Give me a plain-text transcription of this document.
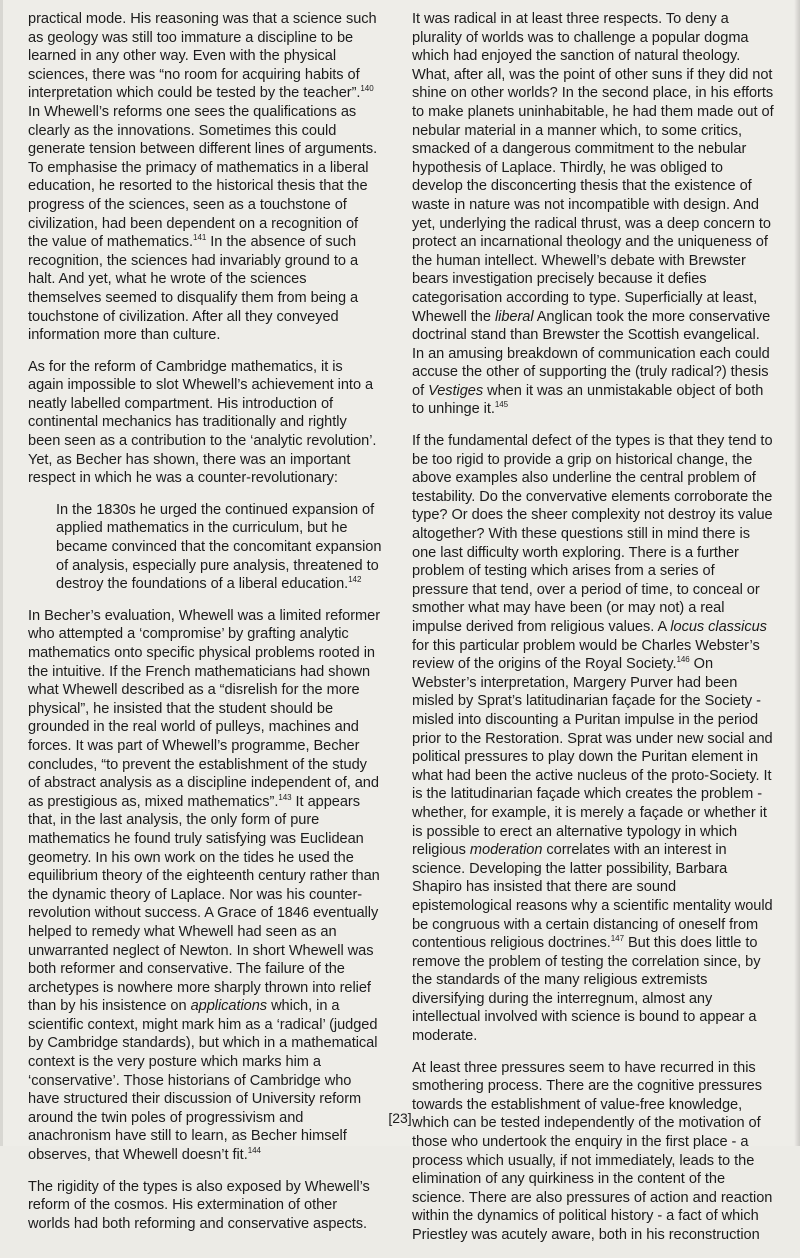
practical mode. His reasoning was that a science such as geology was still too immature a discipline to be learned in any other way. Even with the physical sciences, there was “no room for acquiring habits of interpretation which could be tested by the teacher”.$^{140}$ In Whewell’s reforms one sees the qualifications as clearly as the innovations. Sometimes this could generate tension between different lines of arguments. To emphasise the primacy of mathematics in a liberal education, he resorted to the historical thesis that the progress of the sciences, seen as a touchstone of civilization, had been dependent on a recognition of the value of mathematics.$^{141}$ In the absence of such recognition, the sciences had invariably ground to a halt. And yet, what he wrote of the sciences themselves seemed to disqualify them from being a touchstone of civilization. After all they conveyed information more than culture.

As for the reform of Cambridge mathematics, it is again impossible to slot Whewell’s achievement into a neatly labelled compartment. His introduction of continental mechanics has traditionally and rightly been seen as a contribution to the ‘analytic revolution’. Yet, as Becher has shown, there was an important respect in which he was a counter-revolutionary:

In the 1830s he urged the continued expansion of applied mathematics in the curriculum, but he became convinced that the concomitant expansion of analysis, especially pure analysis, threatened to destroy the foundations of a liberal education.$^{142}$

In Becher’s evaluation, Whewell was a limited reformer who attempted a ‘compromise’ by grafting analytic mathematics onto specific physical problems rooted in the intuitive. If the French mathematicians had shown what Whewell described as a “disrelish for the more physical”, he insisted that the student should be grounded in the real world of pulleys, machines and forces. It was part of Whewell’s programme, Becher concludes, “to prevent the establishment of the study of abstract analysis as a discipline independent of, and as prestigious as, mixed mathematics”.$^{143}$ It appears that, in the last analysis, the only form of pure mathematics he found truly satisfying was Euclidean geometry. In his own work on the tides he used the equilibrium theory of the eighteenth century rather than the dynamic theory of Laplace. Nor was his counter-revolution without success. A Grace of 1846 eventually helped to remedy what Whewell had seen as an unwarranted neglect of Newton. In short Whewell was both reformer and conservative. The failure of the archetypes is nowhere more sharply thrown into relief than by his insistence on applications which, in a scientific context, might mark him as a ‘radical’ (judged by Cambridge standards), but which in a mathematical context is the very posture which marks him a ‘conservative’. Those historians of Cambridge who have structured their discussion of University reform around the twin poles of progressivism and anachronism have still to learn, as Becher himself observes, that Whewell doesn’t fit.$^{144}$

The rigidity of the types is also exposed by Whewell’s reform of the cosmos. His extermination of other worlds had both reforming and conservative aspects.

It was radical in at least three respects. To deny a plurality of worlds was to challenge a popular dogma which had enjoyed the sanction of natural theology. What, after all, was the point of other suns if they did not shine on other worlds? In the second place, in his efforts to make planets uninhabitable, he had them made out of nebular material in a manner which, to some critics, smacked of a dangerous commitment to the nebular hypothesis of Laplace. Thirdly, he was obliged to develop the disconcerting thesis that the existence of waste in nature was not incompatible with design. And yet, underlying the radical thrust, was a deep concern to protect an incarnational theology and the uniqueness of the human intellect. Whewell’s debate with Brewster bears investigation precisely because it defies categorisation according to type. Superficially at least, Whewell the liberal Anglican took the more conservative doctrinal stand than Brewster the Scottish evangelical. In an amusing breakdown of communication each could accuse the other of supporting the (truly radical?) thesis of Vestiges when it was an unmistakable object of both to unhinge it.$^{145}$

If the fundamental defect of the types is that they tend to be too rigid to provide a grip on historical change, the above examples also underline the central problem of testability. Do the convervative elements corroborate the type? Or does the sheer complexity not destroy its value altogether? With these questions still in mind there is one last difficulty worth exploring. There is a further problem of testing which arises from a series of pressure that tend, over a period of time, to conceal or smother what may have been (or may not) a real impulse derived from religious values. A locus classicus for this particular problem would be Charles Webster’s review of the origins of the Royal Society.$^{146}$ On Webster’s interpretation, Margery Purver had been misled by Sprat’s latitudinarian façade for the Society - misled into discounting a Puritan impulse in the period prior to the Restoration. Sprat was under new social and political pressures to play down the Puritan element in what had been the active nucleus of the proto-Society. It is the latitudinarian façade which creates the problem - whether, for example, it is merely a façade or whether it is possible to erect an alternative typology in which religious moderation correlates with an interest in science. Developing the latter possibility, Barbara Shapiro has insisted that there are sound epistemological reasons why a scientific mentality would be congruous with a certain distancing of oneself from contentious religious doctrines.$^{147}$ But this does little to remove the problem of testing the correlation since, by the standards of the many religious extremists diversifying during the interregnum, almost any intellectual involved with science is bound to appear a moderate.

At least three pressures seem to have recurred in this smothering process. There are the cognitive pressures towards the establishment of value-free knowledge, which can be tested independently of the motivation of those who undertook the enquiry in the first place - a process which usually, if not immediately, leads to the elimination of any quirkiness in the content of the science. There are also pressures of action and reaction within the dynamics of political history - a fact of which Priestley was acutely aware, both in his reconstruction

[23]
